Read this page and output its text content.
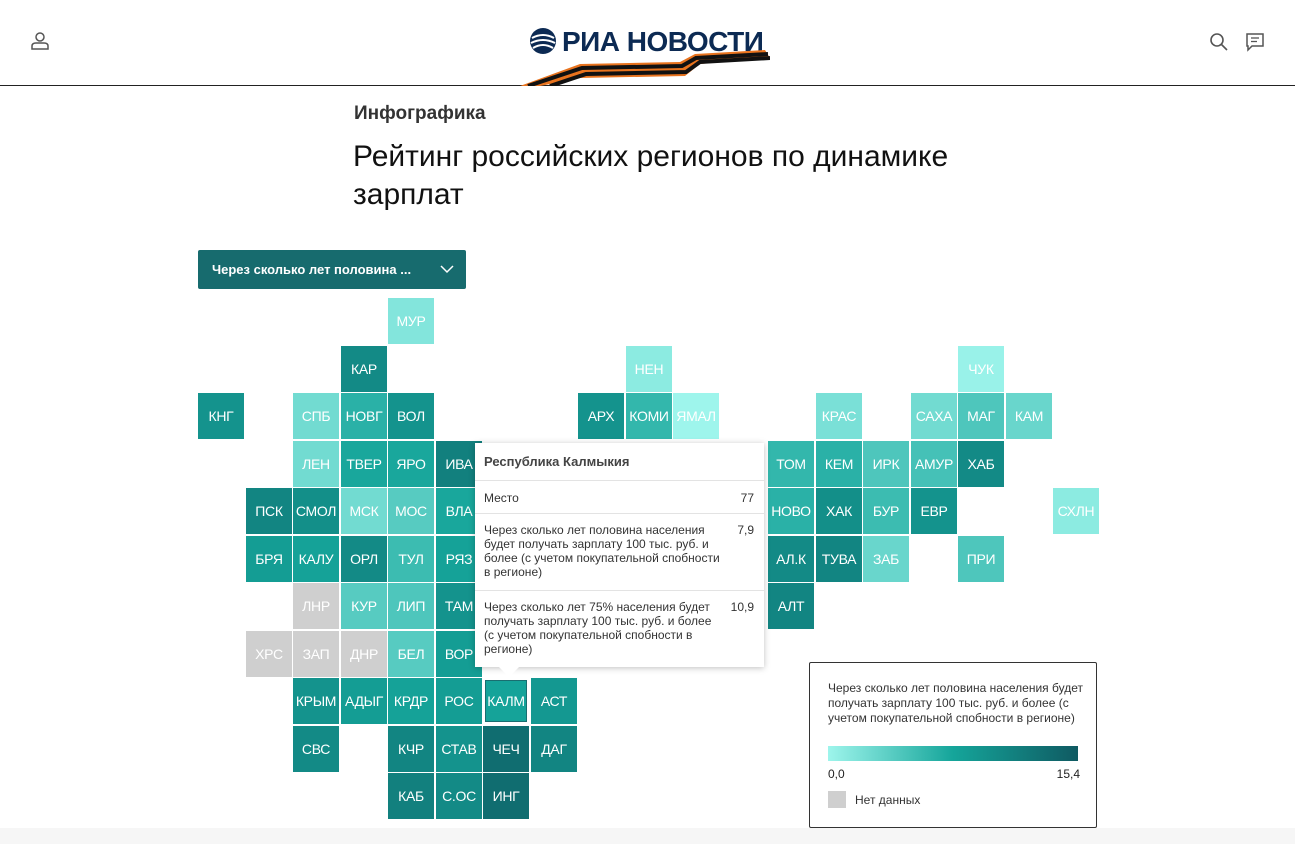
РИА НОВОСТИ
Инфографика
Рейтинг российских регионов по динамике зарплат
Через сколько лет половина ...
МУР
КАР	НЕН	ЧУК
КНГ	СПБ	НОВГ	ВОЛ	АРХ	КОМИ ЯМАЛ	КРАС	САХА	МАГ	КАМ
ЛЕН	ТВЕР	ЯРО	ИВА	ТОМ	КЕМ	ИРК	АМУР	ХАБ
ПСК СМОЛ МСК	МОС	ВЛА	НОВО	ХАК	БУР	ЕВР	СХЛН
БРЯ	КАЛУ	ОРЛ	ТУЛ	РЯЗ	АЛ.К	ТУВА	ЗАБ	ПРИ
ЛНР	КУР	ЛИП	ТАМ	АЛТ
ХРС	ЗАП	ДНР	БЕЛ	ВОР
КРЫМ АДЫГ КРДР	РОС КАЛМ	АСТ
СВС	КЧР	СТАВ	ЧЕЧ	ДАГ
КАБ	С.ОС	ИНГ
Республика Калмыкия
Место	77
Через сколько лет половина населения будет получать зарплату 100 тыс. руб. и более (с учетом покупательной спобности в регионе)
7,9
Через сколько лет 75% населения будет получать зарплату 100 тыс. руб. и более (с учетом покупательной спобности в регионе)
10,9
Через сколько лет половина населения будет получать зарплату 100 тыс. руб. и более (с учетом покупательной спобности в регионе)
0,0	15,4
Нет данных
